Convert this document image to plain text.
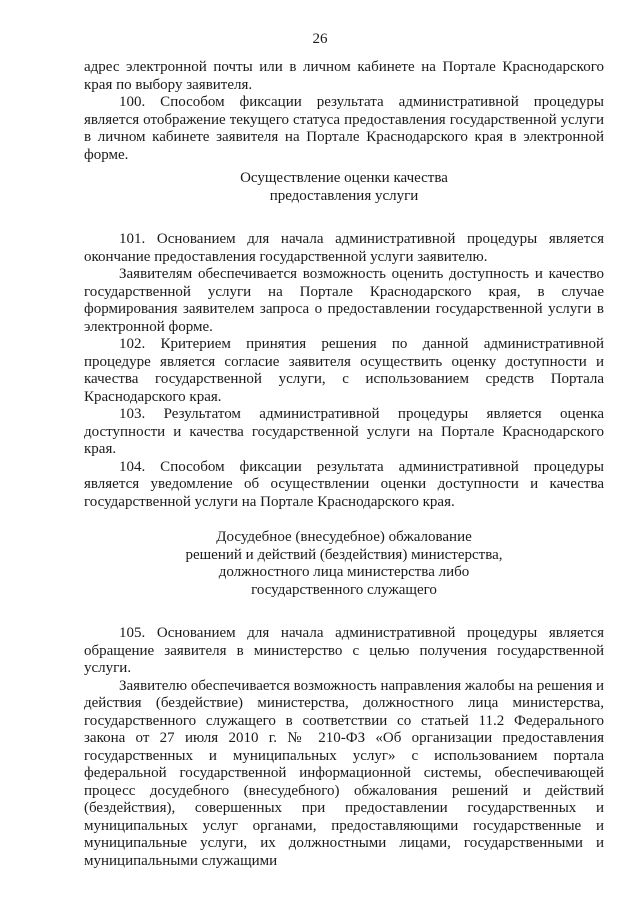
26

адрес электронной почты или в личном кабинете на Портале Краснодарского края по выбору заявителя.

100. Способом фиксации результата административной процедуры является отображение текущего статуса предоставления государственной услуги в личном кабинете заявителя на Портале Краснодарского края в электронной форме.

Осуществление оценки качества
предоставления услуги

101. Основанием для начала административной процедуры является окончание предоставления государственной услуги заявителю.

Заявителям обеспечивается возможность оценить доступность и качество государственной услуги на Портале Краснодарского края, в случае формирования заявителем запроса о предоставлении государственной услуги в электронной форме.

102. Критерием принятия решения по данной административной процедуре является согласие заявителя осуществить оценку доступности и качества государственной услуги, с использованием средств Портала Краснодарского края.

103. Результатом административной процедуры является оценка доступности и качества государственной услуги на Портале Краснодарского края.

104. Способом фиксации результата административной процедуры является уведомление об осуществлении оценки доступности и качества государственной услуги на Портале Краснодарского края.

Досудебное (внесудебное) обжалование
решений и действий (бездействия) министерства,
должностного лица министерства либо
государственного служащего

105. Основанием для начала административной процедуры является обращение заявителя в министерство с целью получения государственной услуги.

Заявителю обеспечивается возможность направления жалобы на решения и действия (бездействие) министерства, должностного лица министерства, государственного служащего в соответствии со статьей 11.2 Федерального закона от 27 июля 2010 г. № 210-ФЗ «Об организации предоставления государственных и муниципальных услуг» с использованием портала федеральной государственной информационной системы, обеспечивающей процесс досудебного (внесудебного) обжалования решений и действий (бездействия), совершенных при предоставлении государственных и муниципальных услуг органами, предоставляющими государственные и муниципальные услуги, их должностными лицами, государственными и муниципальными служащими
